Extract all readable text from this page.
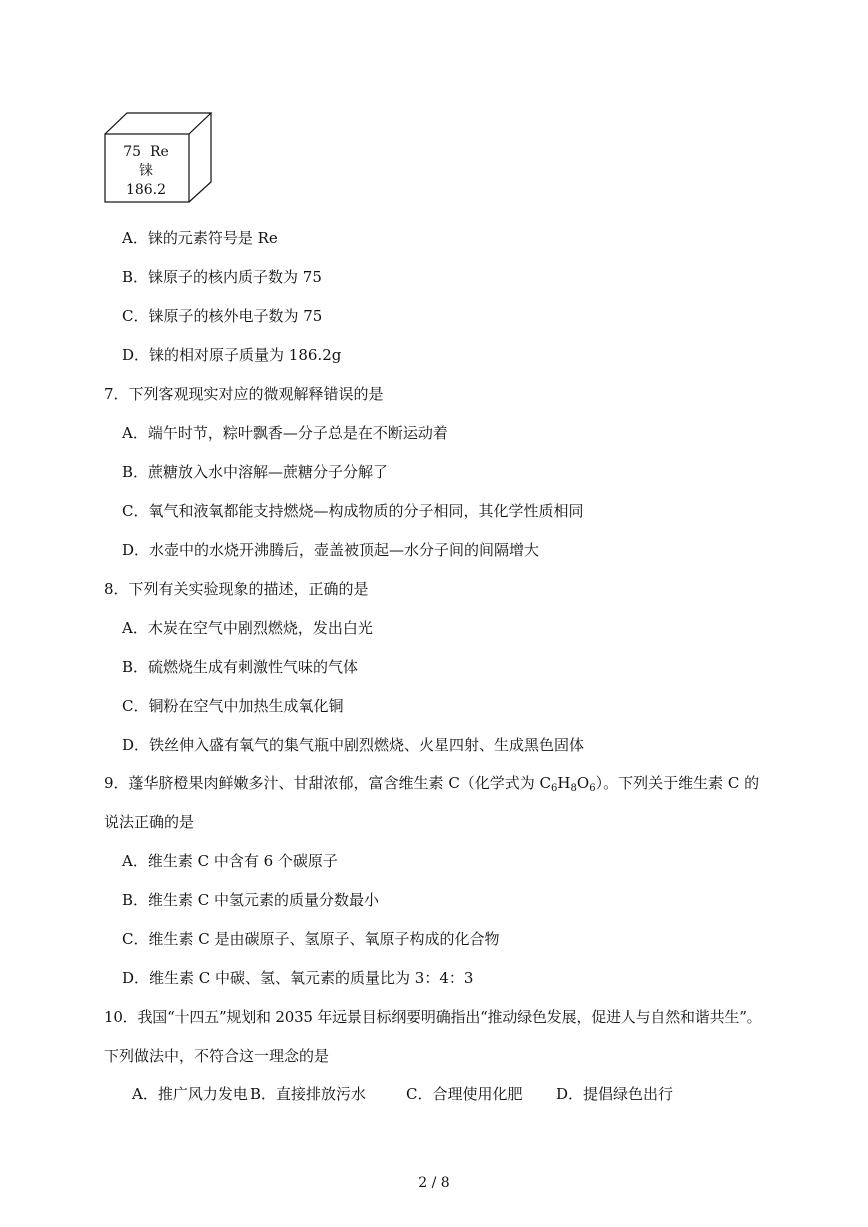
75 Re
铼
186.2
A．铼的元素符号是 Re
B．铼原子的核内质子数为 75
C．铼原子的核外电子数为 75
D．铼的相对原子质量为 186.2g
7．下列客观现实对应的微观解释错误的是
A．端午时节，粽叶飘香—分子总是在不断运动着
B．蔗糖放入水中溶解—蔗糖分子分解了
C．氧气和液氧都能支持燃烧—构成物质的分子相同，其化学性质相同
D．水壶中的水烧开沸腾后，壶盖被顶起—水分子间的间隔增大
8．下列有关实验现象的描述，正确的是
A．木炭在空气中剧烈燃烧，发出白光
B．硫燃烧生成有刺激性气味的气体
C．铜粉在空气中加热生成氧化铜
D．铁丝伸入盛有氧气的集气瓶中剧烈燃烧、火星四射、生成黑色固体
9．蓬华脐橙果肉鲜嫩多汁、甘甜浓郁，富含维生素 C（化学式为 $C_6H_8O_6$）。下列关于维生素 C 的
说法正确的是
A．维生素 C 中含有 6 个碳原子
B．维生素 C 中氢元素的质量分数最小
C．维生素 C 是由碳原子、氢原子、氧原子构成的化合物
D．维生素 C 中碳、氢、氧元素的质量比为 3：4：3
10．我国“十四五”规划和 2035 年远景目标纲要明确指出“推动绿色发展，促进人与自然和谐共生”。
下列做法中，不符合这一理念的是
A．推广风力发电 B．直接排放污水	C．合理使用化肥 D．提倡绿色出行
2 / 8
